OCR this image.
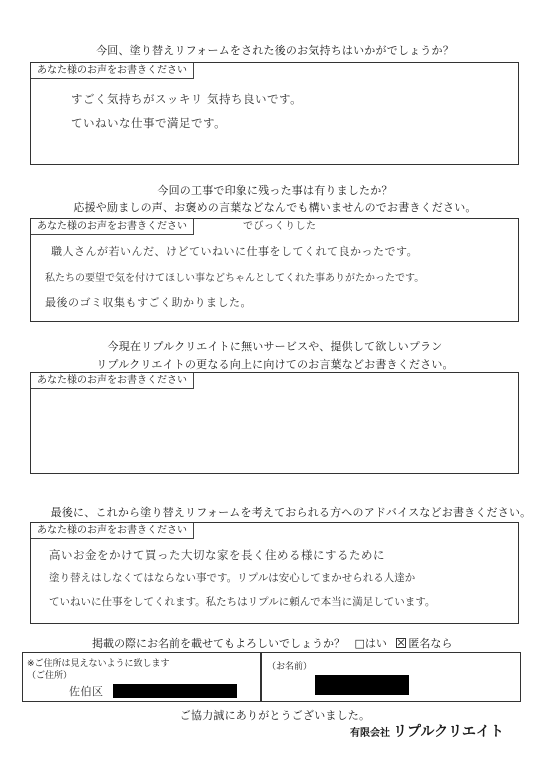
今回、塗り替えリフォームをされた後のお気持ちはいかがでしょうか？
あなた様のお声をお書きください
すごく気持ちがスッキリ 気持ち良いです。
ていねいな仕事で満足です。
今回の工事で印象に残った事は有りましたか？
応援や励ましの声、お褒めの言葉などなんでも構いませんのでお書きください。
あなた様のお声をお書きください	でびっくりした
職人さんが若いんだ、けどていねいに仕事をしてくれて良かったです。
私たちの要望で気を付けてほしい事などちゃんとしてくれた事ありがたかったです。
最後のゴミ収集もすごく助かりました。
今現在リプルクリエイトに無いサービスや、提供して欲しいプラン
リプルクリエイトの更なる向上に向けてのお言葉などお書きください。
あなた様のお声をお書きください
最後に、これから塗り替えリフォームを考えておられる方へのアドバイスなどお書きください。
あなた様のお声をお書きください
高いお金をかけて買った大切な家を長く住める様にするために
塗り替えはしなくてはならない事です。リプルは安心してまかせられる人達か
ていねいに仕事をしてくれます。私たちはリプルに頼んで本当に満足しています。
掲載の際にお名前を載せてもよろしいでしょうか？ □はい 匿名なら
※ご住所は見えないように致します
（ご住所）
佐伯区
（お名前）
ご協力誠にありがとうございました。
有限会社 リプルクリエイト
